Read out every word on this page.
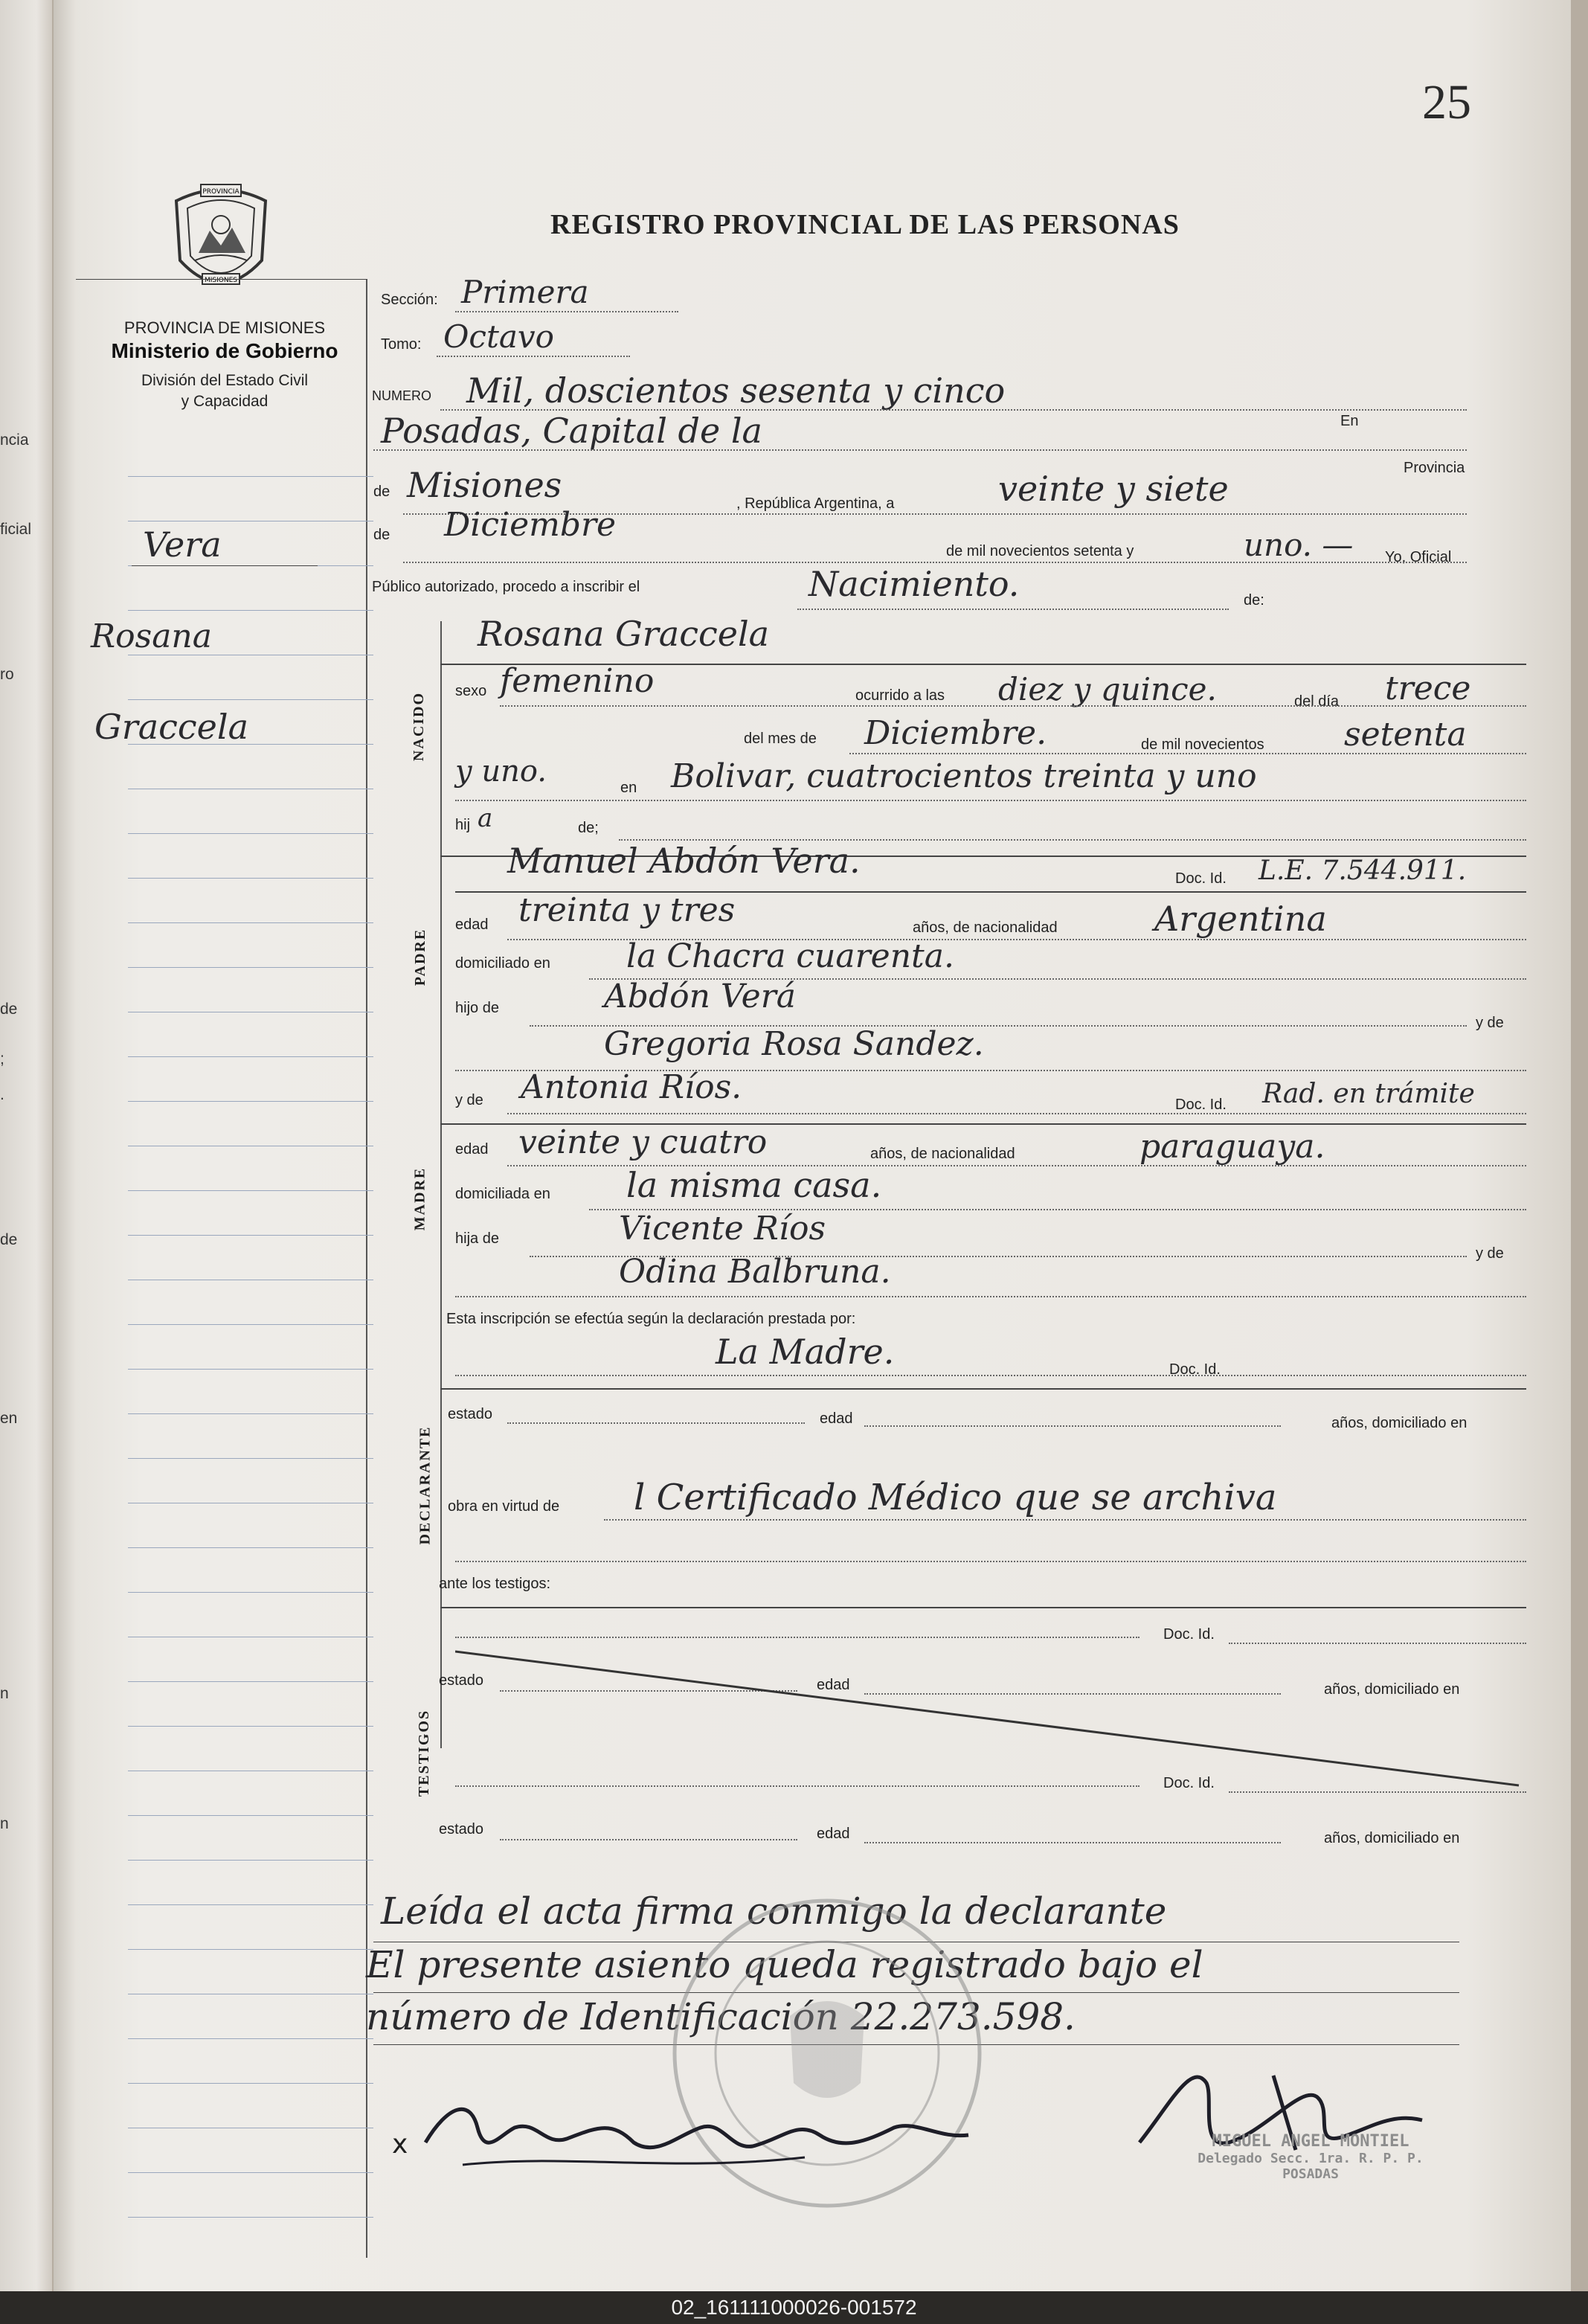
ncia
ficial
ro
de
;
.
de
en
n
n
25
REGISTRO PROVINCIAL DE LAS PERSONAS
PROVINCIA
MISIONES
PROVINCIA DE MISIONES
Ministerio de Gobierno
División del Estado Civil
y Capacidad
Vera
Rosana
Graccela
Sección: Primera
Tomo: Octavo
NUMERO Mil, doscientos sesenta y cinco
Posadas, Capital de la	En
Provincia
de Misiones	, República Argentina, a	veinte y siete
de Diciembre
de mil novecientos setenta y	uno. — Yo, Oficial
Público autorizado, procedo a inscribir el	Nacimiento.	de:
NACIDO
Rosana Graccela
sexo femenino	ocurrido a las diez y quince.	del día trece
del mes de Diciembre.	de mil novecientos setenta
y uno.	en Bolivar, cuatrocientos treinta y uno
hij a	de;
PADRE
Manuel Abdón Vera.	Doc. Id. L.E. 7.544.911.
edad treinta y tres	años, de nacionalidad	Argentina
domiciliado en la Chacra cuarenta.
hijo de	Abdón Verá
y de
Gregoria Rosa Sandez.
y de Antonia Ríos.	Doc. Id. Rad. en trámite
MADRE
edad veinte y cuatro	años, de nacionalidad	paraguaya.
domiciliada en la misma casa.
hija de	Vicente Ríos
y de
Odina Balbruna.
Esta inscripción se efectúa según la declaración prestada por:
La Madre.	Doc. Id.
DECLARANTE
estado	edad	años, domiciliado en
obra en virtud de l Certificado Médico que se archiva
ante los testigos:
TESTIGOS
Doc. Id.
estado	edad	años, domiciliado en
Doc. Id.
estado	edad	años, domiciliado en
Leída el acta firma conmigo la declarante
El presente asiento queda registrado bajo el
número de Identificación 22.273.598.
x
Antonia Ríos de Vera
MIGUEL ANGEL MONTIEL
Delegado Secc. 1ra. R. P. P.
POSADAS
02_161111000026-001572
